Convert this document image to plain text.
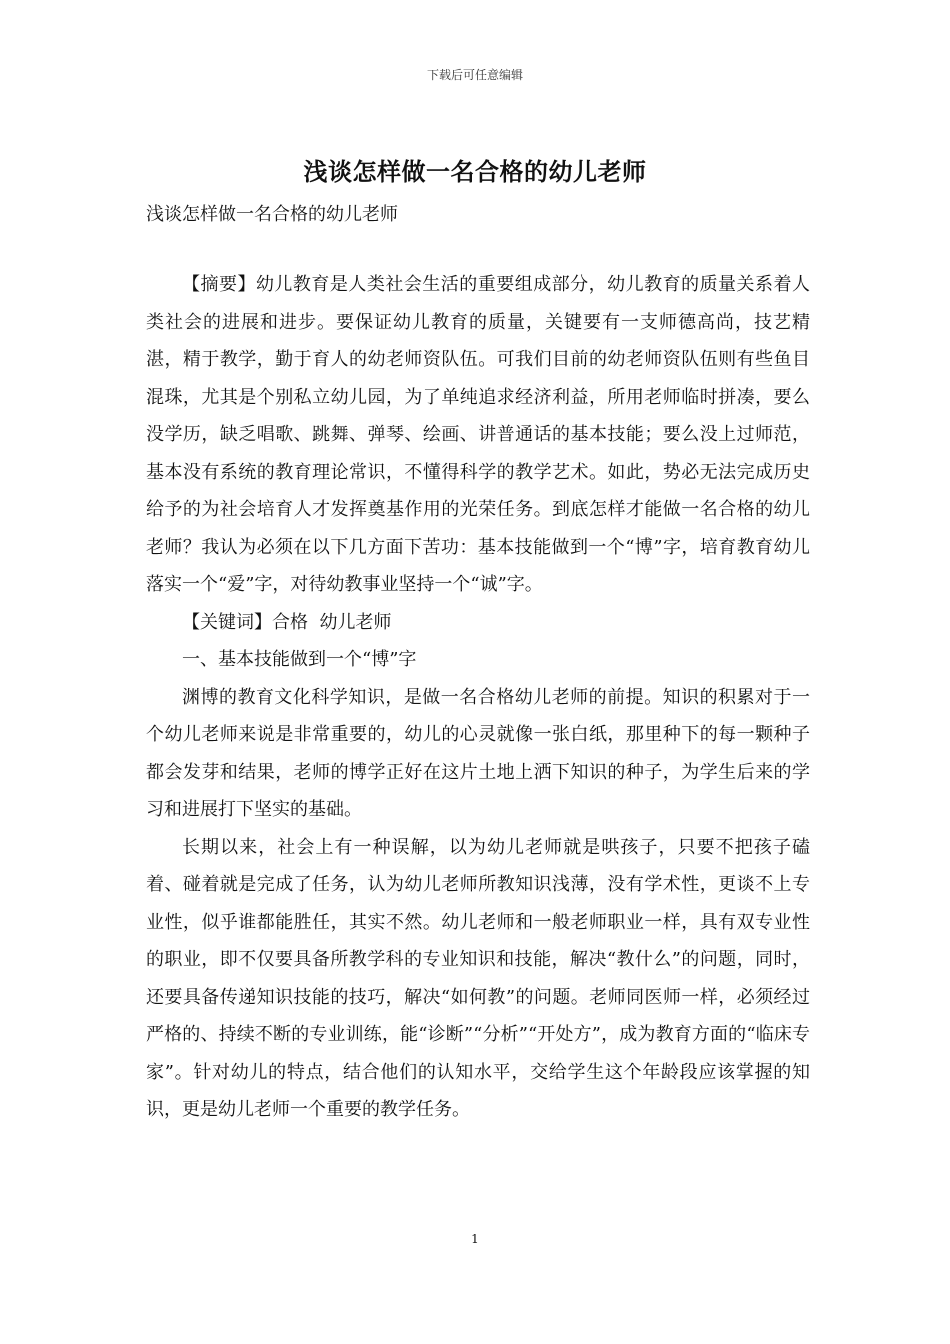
下载后可任意编辑
浅谈怎样做一名合格的幼儿老师

浅谈怎样做一名合格的幼儿老师

【摘要】幼儿教育是人类社会生活的重要组成部分，幼儿教育的质量关系着人类社会的进展和进步。要保证幼儿教育的质量，关键要有一支师德高尚，技艺精湛，精于教学，勤于育人的幼老师资队伍。可我们目前的幼老师资队伍则有些鱼目混珠，尤其是个别私立幼儿园，为了单纯追求经济利益，所用老师临时拼凑，要么没学历，缺乏唱歌、跳舞、弹琴、绘画、讲普通话的基本技能；要么没上过师范，基本没有系统的教育理论常识，不懂得科学的教学艺术。如此，势必无法完成历史给予的为社会培育人才发挥奠基作用的光荣任务。到底怎样才能做一名合格的幼儿老师？我认为必须在以下几方面下苦功：基本技能做到一个“博”字，培育教育幼儿落实一个“爱”字，对待幼教事业坚持一个“诚”字。

【关键词】合格  幼儿老师

一、基本技能做到一个“博”字

渊博的教育文化科学知识，是做一名合格幼儿老师的前提。知识的积累对于一个幼儿老师来说是非常重要的，幼儿的心灵就像一张白纸，那里种下的每一颗种子都会发芽和结果，老师的博学正好在这片土地上洒下知识的种子，为学生后来的学习和进展打下坚实的基础。

长期以来，社会上有一种误解，以为幼儿老师就是哄孩子，只要不把孩子磕着、碰着就是完成了任务，认为幼儿老师所教知识浅薄，没有学术性，更谈不上专业性，似乎谁都能胜任，其实不然。幼儿老师和一般老师职业一样，具有双专业性的职业，即不仅要具备所教学科的专业知识和技能，解决“教什么”的问题，同时，还要具备传递知识技能的技巧，解决“如何教”的问题。老师同医师一样，必须经过严格的、持续不断的专业训练，能“诊断”“分析”“开处方”，成为教育方面的“临床专家”。针对幼儿的特点，结合他们的认知水平，交给学生这个年龄段应该掌握的知识，更是幼儿老师一个重要的教学任务。

1
